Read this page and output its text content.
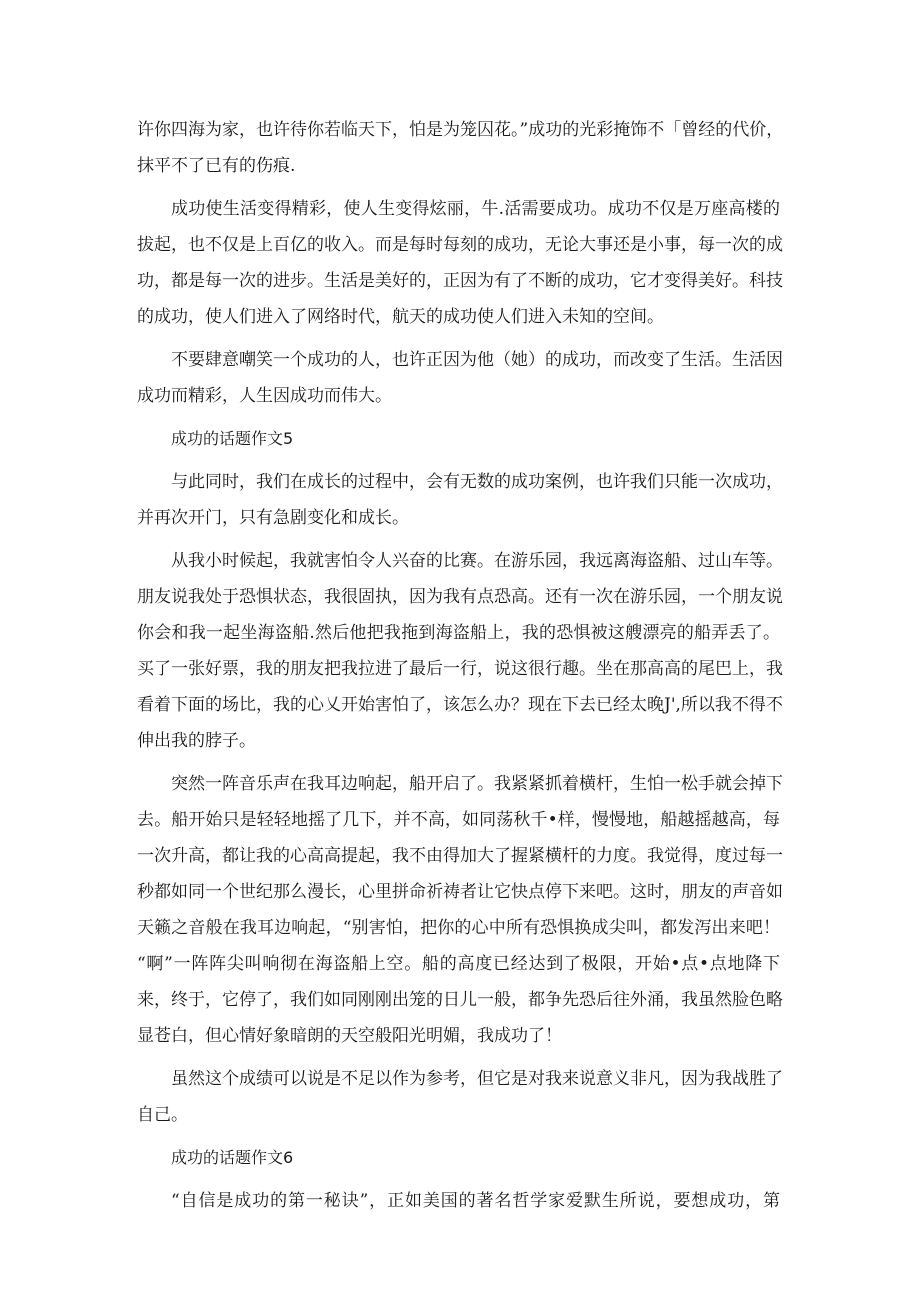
许你四海为家，也许待你若临天下，怕是为笼囚花。”成功的光彩掩饰不「曾经的代价，
抹平不了已有的伤痕.
成功使生活变得精彩，使人生变得炫丽，牛.活需要成功。成功不仅是万座高楼的
拔起，也不仅是上百亿的收入。而是每时每刻的成功，无论大事还是小事，每一次的成
功，都是每一次的进步。生活是美好的，正因为有了不断的成功，它才变得美好。科技
的成功，使人们进入了网络时代，航天的成功使人们进入未知的空间。
不要肆意嘲笑一个成功的人，也许正因为他（她）的成功，而改变了生活。生活因
成功而精彩，人生因成功而伟大。
成功的话题作文5
与此同时，我们在成长的过程中，会有无数的成功案例，也许我们只能一次成功，
并再次开门，只有急剧变化和成长。
从我小时候起，我就害怕令人兴奋的比赛。在游乐园，我远离海盗船、过山车等。
朋友说我处于恐惧状态，我很固执，因为我有点恐高。还有一次在游乐园，一个朋友说
你会和我一起坐海盗船.然后他把我拖到海盗船上，我的恐惧被这艘漂亮的船弄丢了。
买了一张好票，我的朋友把我拉进了最后一行，说这很行趣。坐在那高高的尾巴上，我
看着下面的场比，我的心乂开始害怕了，该怎么办？现在下去已经太晚J',所以我不得不
伸出我的脖子。
突然一阵音乐声在我耳边响起，船开启了。我紧紧抓着横杆，生怕一松手就会掉下
去。船开始只是轻轻地摇了几下，并不高，如同荡秋千•样，慢慢地，船越摇越高，每
一次升高，都让我的心高高提起，我不由得加大了握紧横杆的力度。我觉得，度过每一
秒都如同一个世纪那么漫长，心里拼命祈祷者让它快点停下来吧。这时，朋友的声音如
天籁之音般在我耳边响起，“别害怕，把你的心中所有恐惧换成尖叫，都发泻出来吧！
“啊”一阵阵尖叫响彻在海盗船上空。船的高度已经达到了极限，开始•点•点地降下
来，终于，它停了，我们如同刚刚出笼的日儿一般，都争先恐后往外涌，我虽然脸色略
显苍白，但心情好象暗朗的天空般阳光明媚，我成功了！
虽然这个成绩可以说是不足以作为参考，但它是对我来说意义非凡，因为我战胜了
自己。
成功的话题作文6
“自信是成功的第一秘诀”，正如美国的著名哲学家爱默生所说，要想成功，第
